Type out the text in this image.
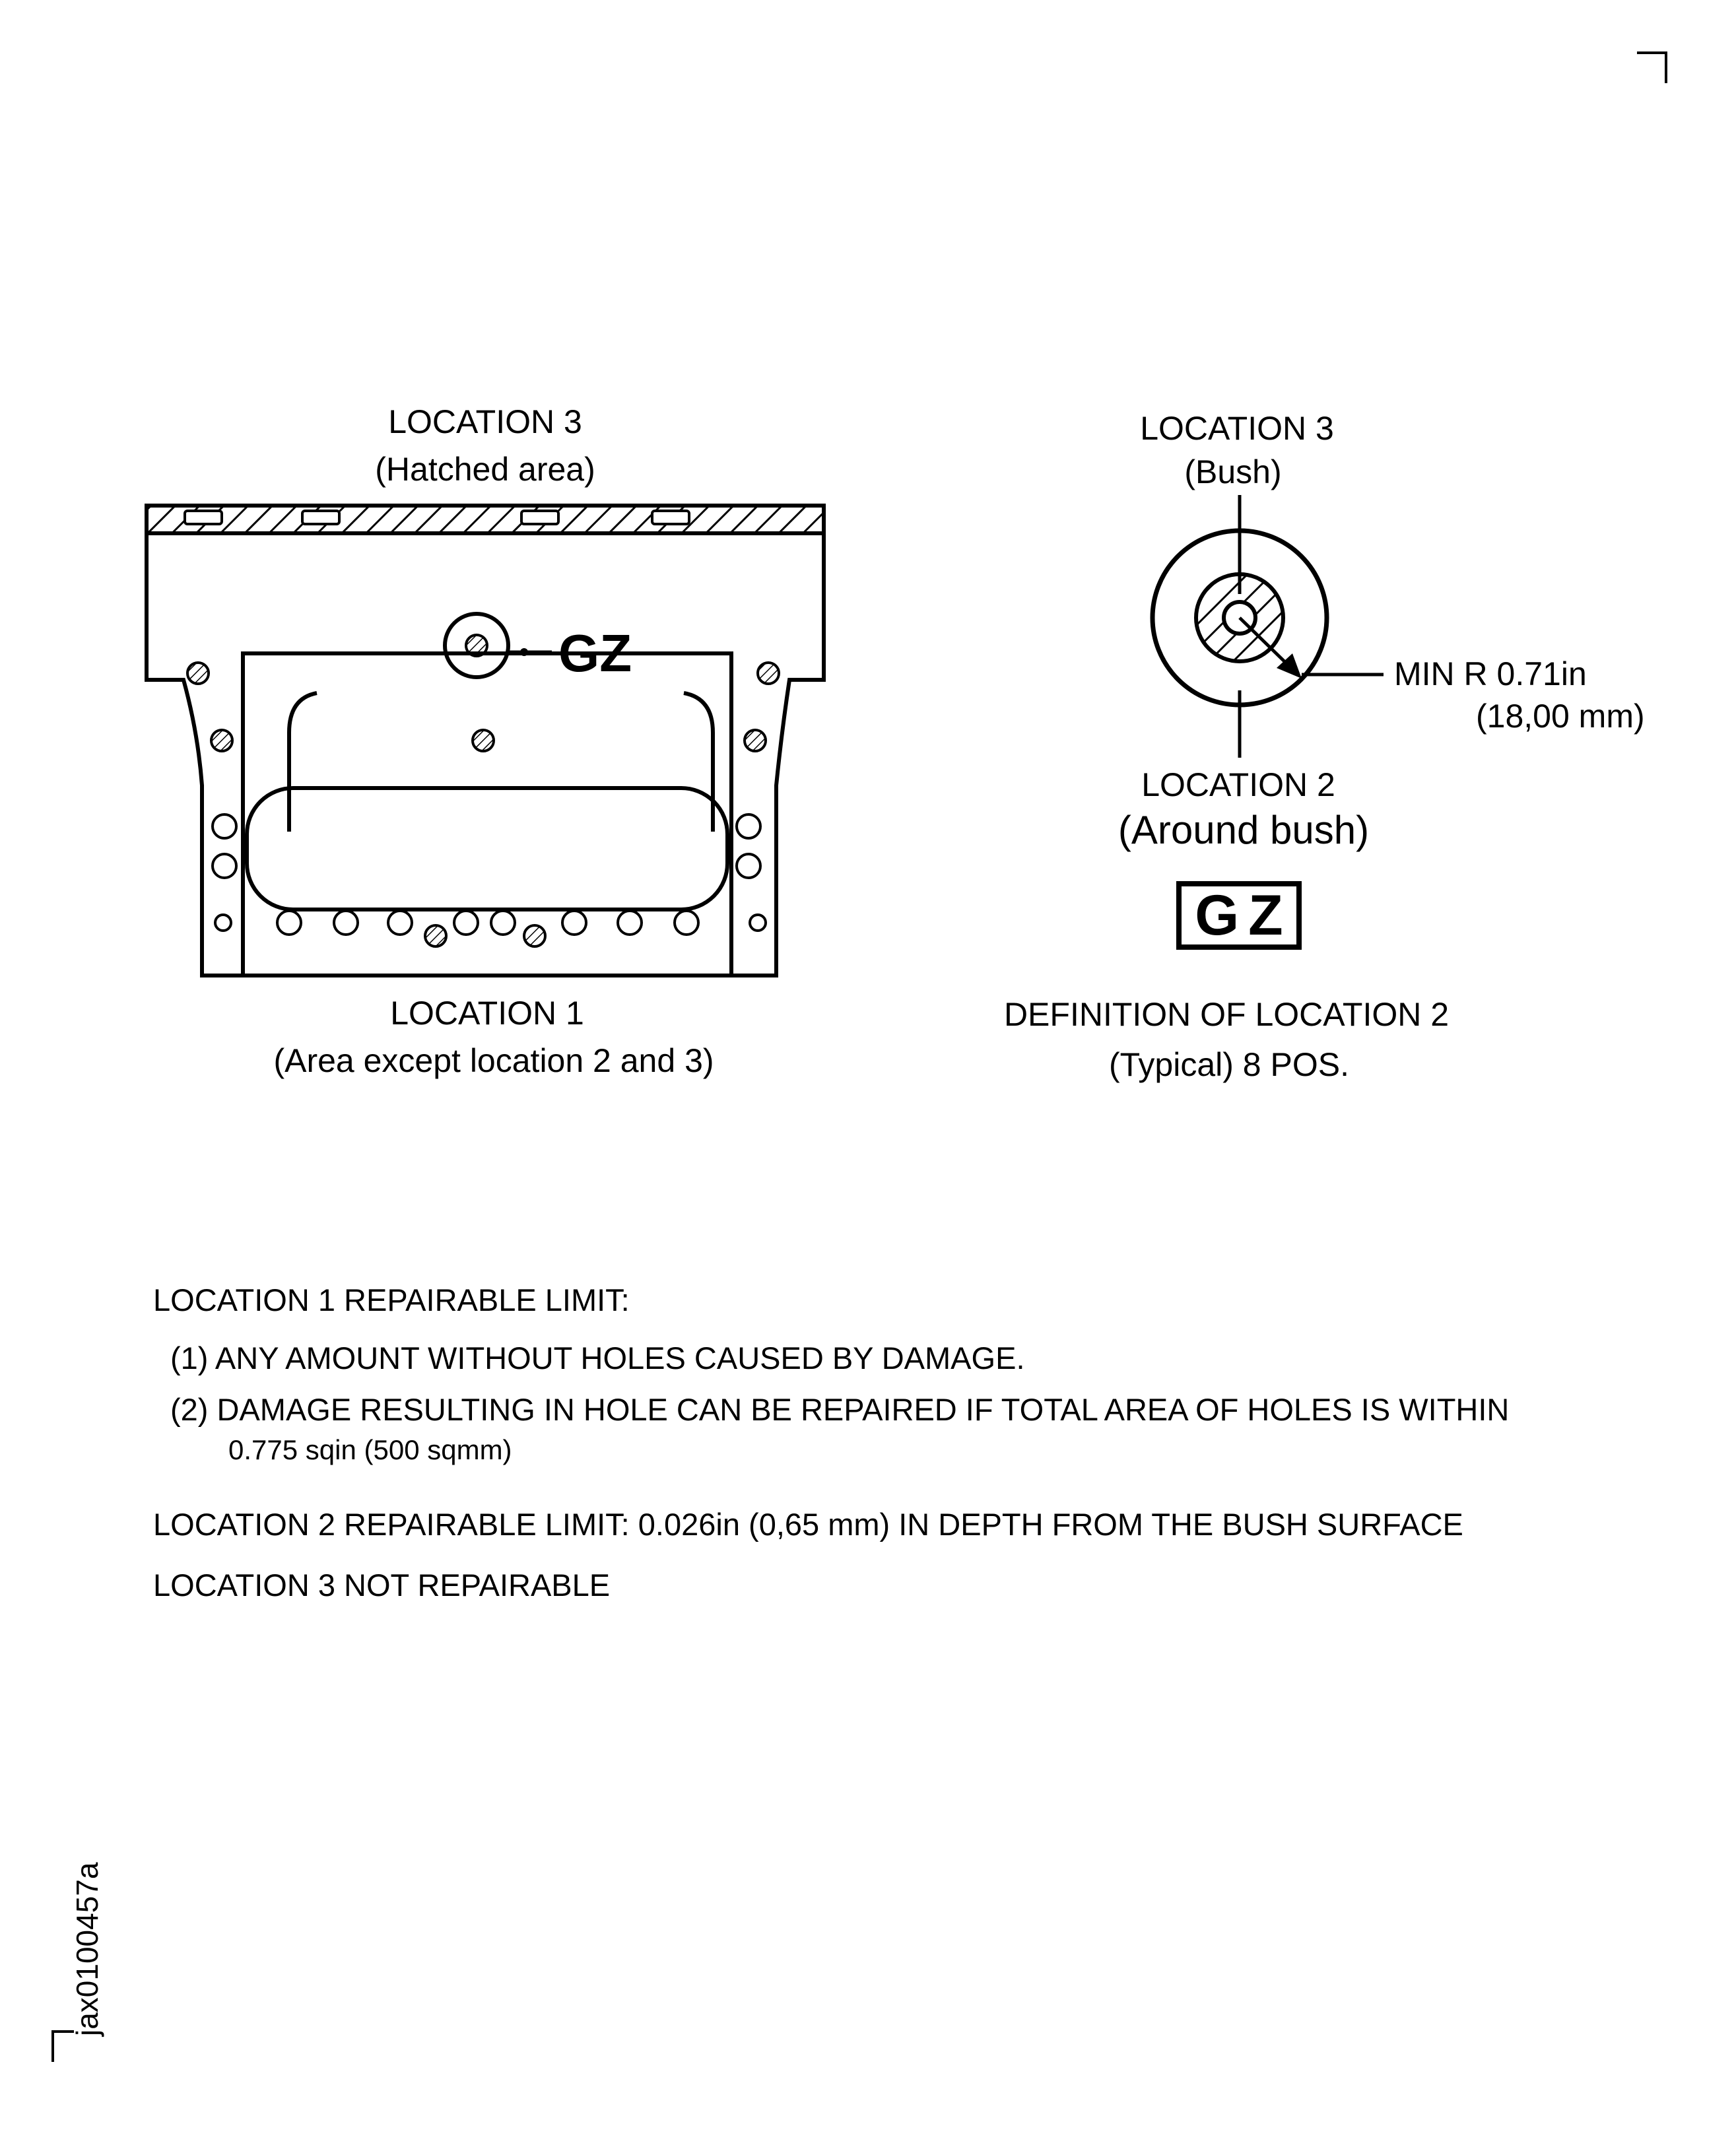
LOCATION 3
(Hatched area)
GZ
LOCATION 1
(Area except location 2 and 3)
LOCATION 3
(Bush)
MIN R 0.71in
(18,00 mm)
LOCATION 2
(Around bush)
GZ
DEFINITION OF LOCATION 2
(Typical) 8 POS.
LOCATION 1 REPAIRABLE LIMIT:
(1) ANY AMOUNT WITHOUT HOLES CAUSED BY DAMAGE.
(2) DAMAGE RESULTING IN HOLE CAN BE REPAIRED IF TOTAL AREA OF HOLES IS WITHIN
0.775 sqin (500 sqmm)
LOCATION 2 REPAIRABLE LIMIT: 0.026in (0,65 mm) IN DEPTH FROM THE BUSH SURFACE
LOCATION 3 NOT REPAIRABLE
jax0100457a
